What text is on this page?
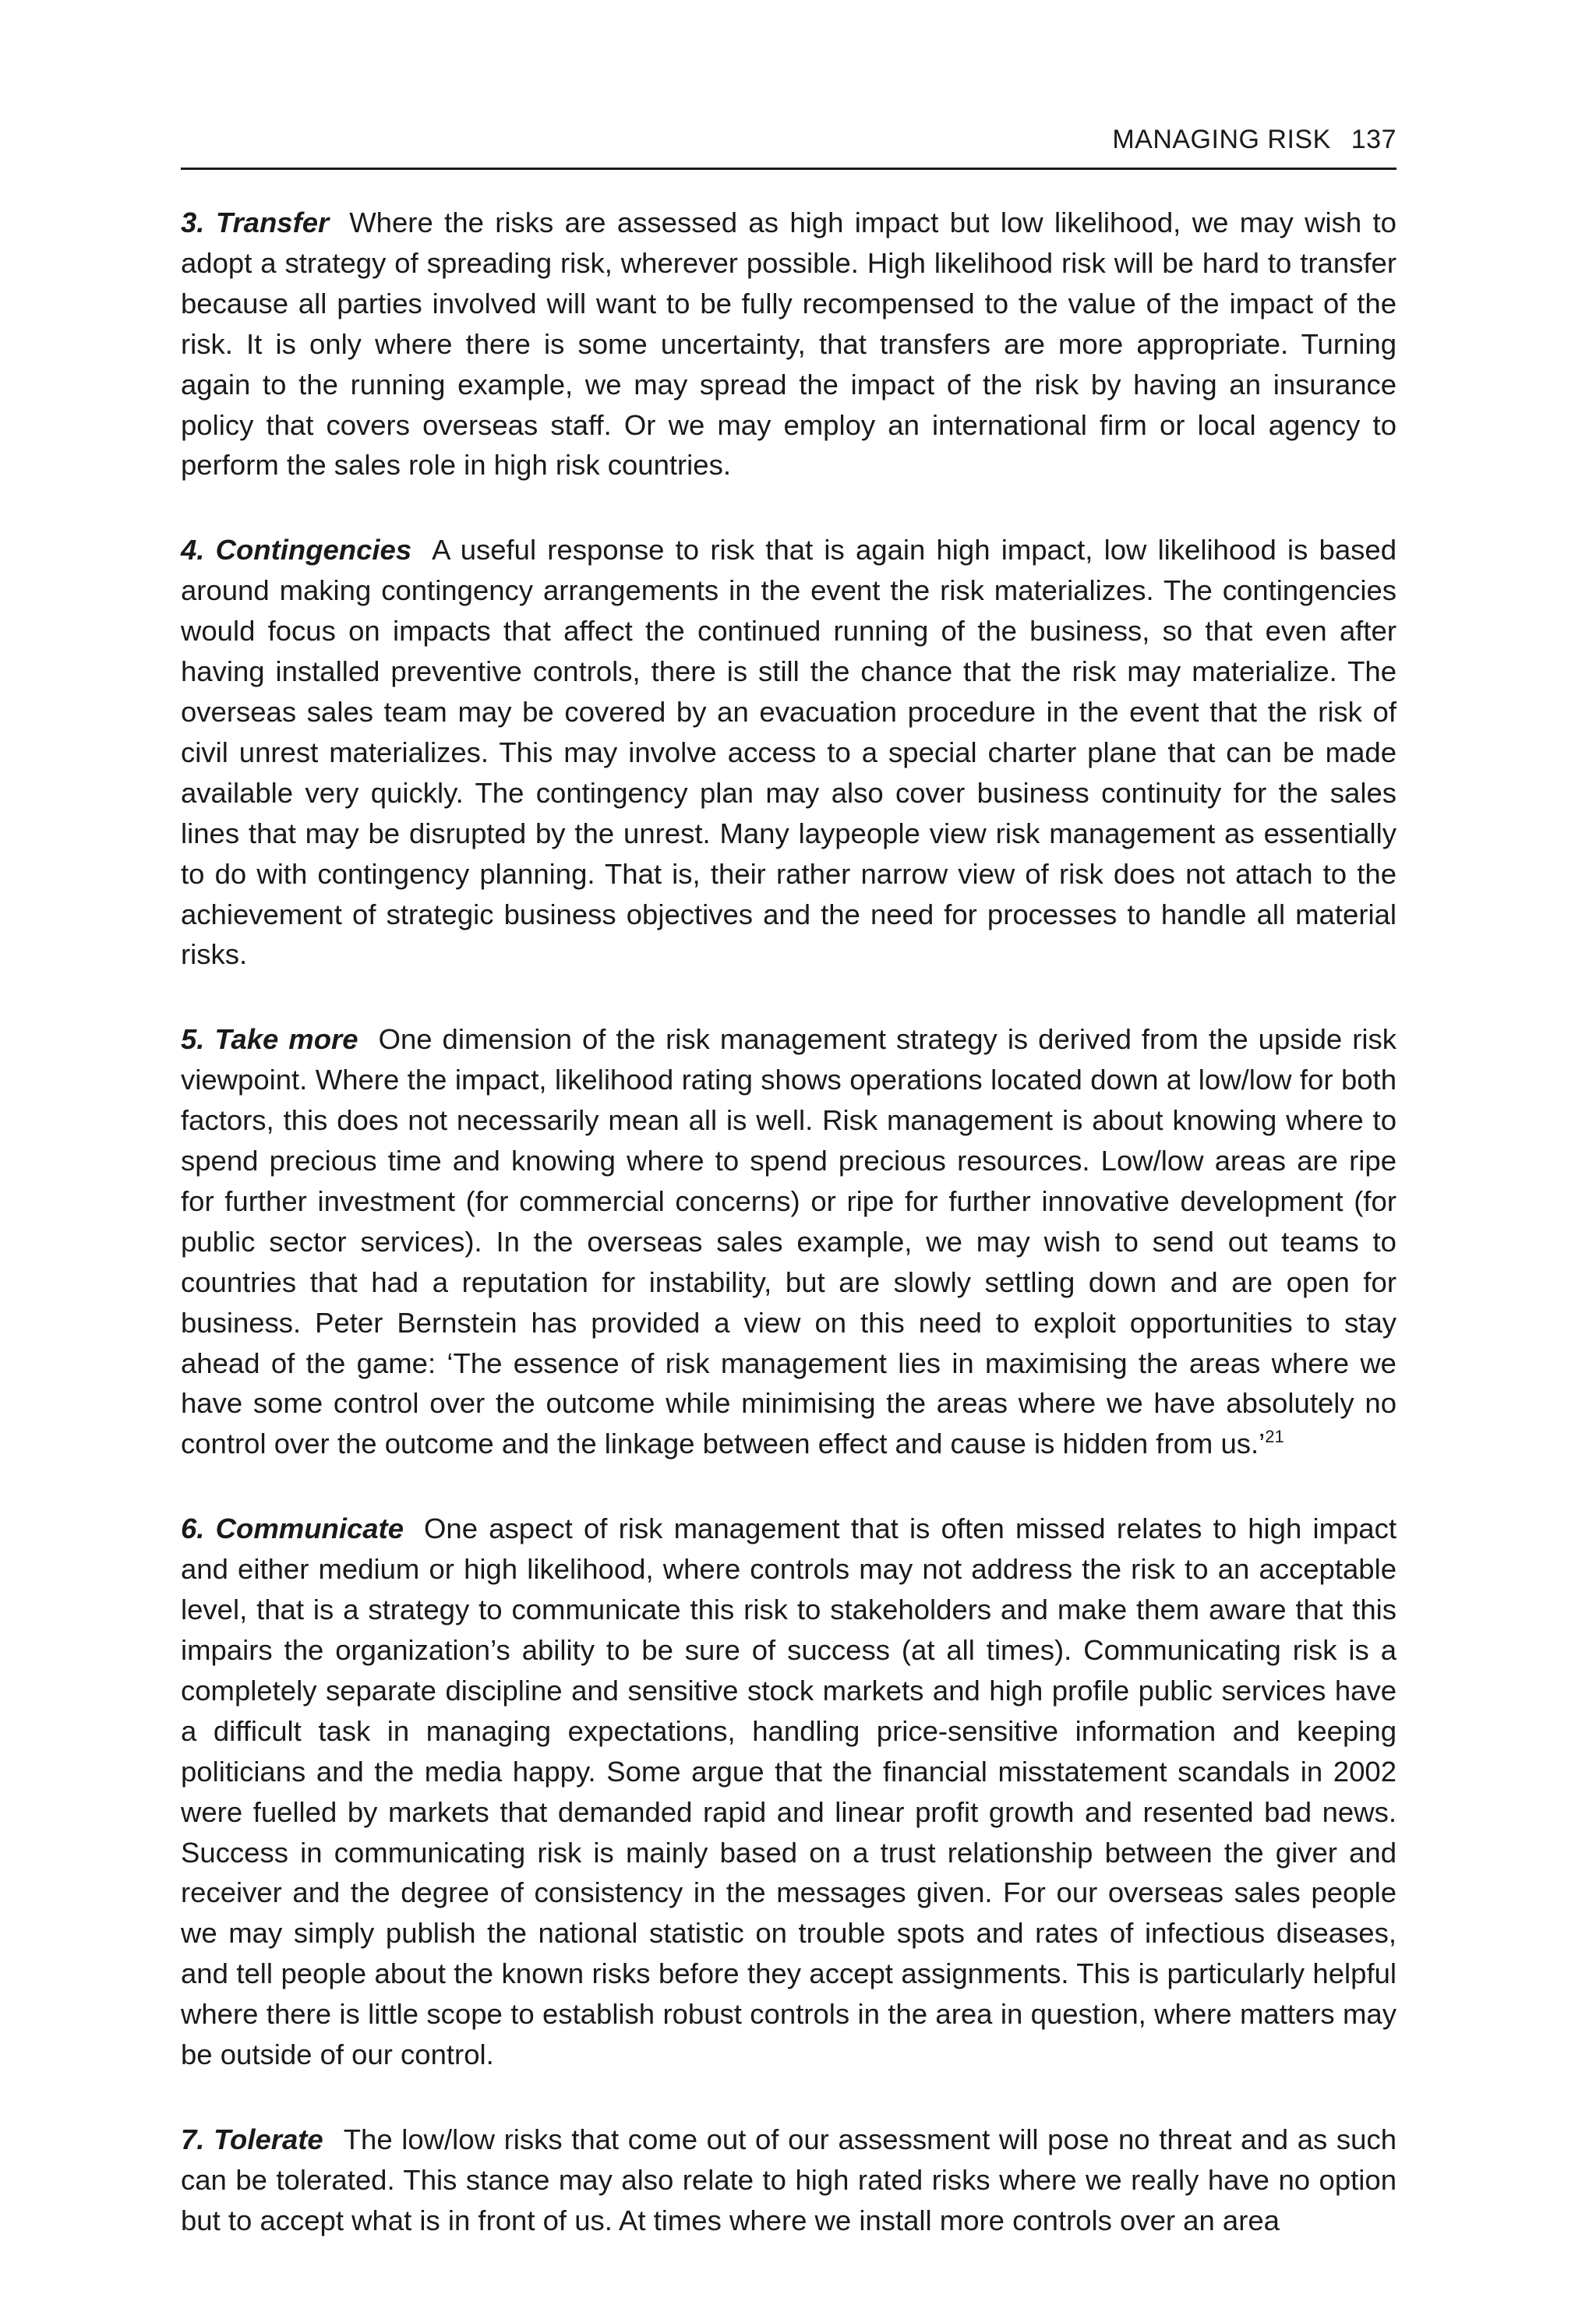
MANAGING RISK 137

3. Transfer Where the risks are assessed as high impact but low likelihood, we may wish to adopt a strategy of spreading risk, wherever possible. High likelihood risk will be hard to transfer because all parties involved will want to be fully recompensed to the value of the impact of the risk. It is only where there is some uncertainty, that transfers are more appropriate. Turning again to the running example, we may spread the impact of the risk by having an insurance policy that covers overseas staff. Or we may employ an international firm or local agency to perform the sales role in high risk countries.

4. Contingencies A useful response to risk that is again high impact, low likelihood is based around making contingency arrangements in the event the risk materializes. The contingencies would focus on impacts that affect the continued running of the business, so that even after having installed preventive controls, there is still the chance that the risk may materialize. The overseas sales team may be covered by an evacuation procedure in the event that the risk of civil unrest materializes. This may involve access to a special charter plane that can be made available very quickly. The contingency plan may also cover business continuity for the sales lines that may be disrupted by the unrest. Many laypeople view risk management as essentially to do with contingency planning. That is, their rather narrow view of risk does not attach to the achievement of strategic business objectives and the need for processes to handle all material risks.

5. Take more One dimension of the risk management strategy is derived from the upside risk viewpoint. Where the impact, likelihood rating shows operations located down at low/low for both factors, this does not necessarily mean all is well. Risk management is about knowing where to spend precious time and knowing where to spend precious resources. Low/low areas are ripe for further investment (for commercial concerns) or ripe for further innovative development (for public sector services). In the overseas sales example, we may wish to send out teams to countries that had a reputation for instability, but are slowly settling down and are open for business. Peter Bernstein has provided a view on this need to exploit opportunities to stay ahead of the game: ‘The essence of risk management lies in maximising the areas where we have some control over the outcome while minimising the areas where we have absolutely no control over the outcome and the linkage between effect and cause is hidden from us.’$^{21}$

6. Communicate One aspect of risk management that is often missed relates to high impact and either medium or high likelihood, where controls may not address the risk to an acceptable level, that is a strategy to communicate this risk to stakeholders and make them aware that this impairs the organization’s ability to be sure of success (at all times). Communicating risk is a completely separate discipline and sensitive stock markets and high profile public services have a difficult task in managing expectations, handling price-sensitive information and keeping politicians and the media happy. Some argue that the financial misstatement scandals in 2002 were fuelled by markets that demanded rapid and linear profit growth and resented bad news. Success in communicating risk is mainly based on a trust relationship between the giver and receiver and the degree of consistency in the messages given. For our overseas sales people we may simply publish the national statistic on trouble spots and rates of infectious diseases, and tell people about the known risks before they accept assignments. This is particularly helpful where there is little scope to establish robust controls in the area in question, where matters may be outside of our control.

7. Tolerate The low/low risks that come out of our assessment will pose no threat and as such can be tolerated. This stance may also relate to high rated risks where we really have no option but to accept what is in front of us. At times where we install more controls over an area
